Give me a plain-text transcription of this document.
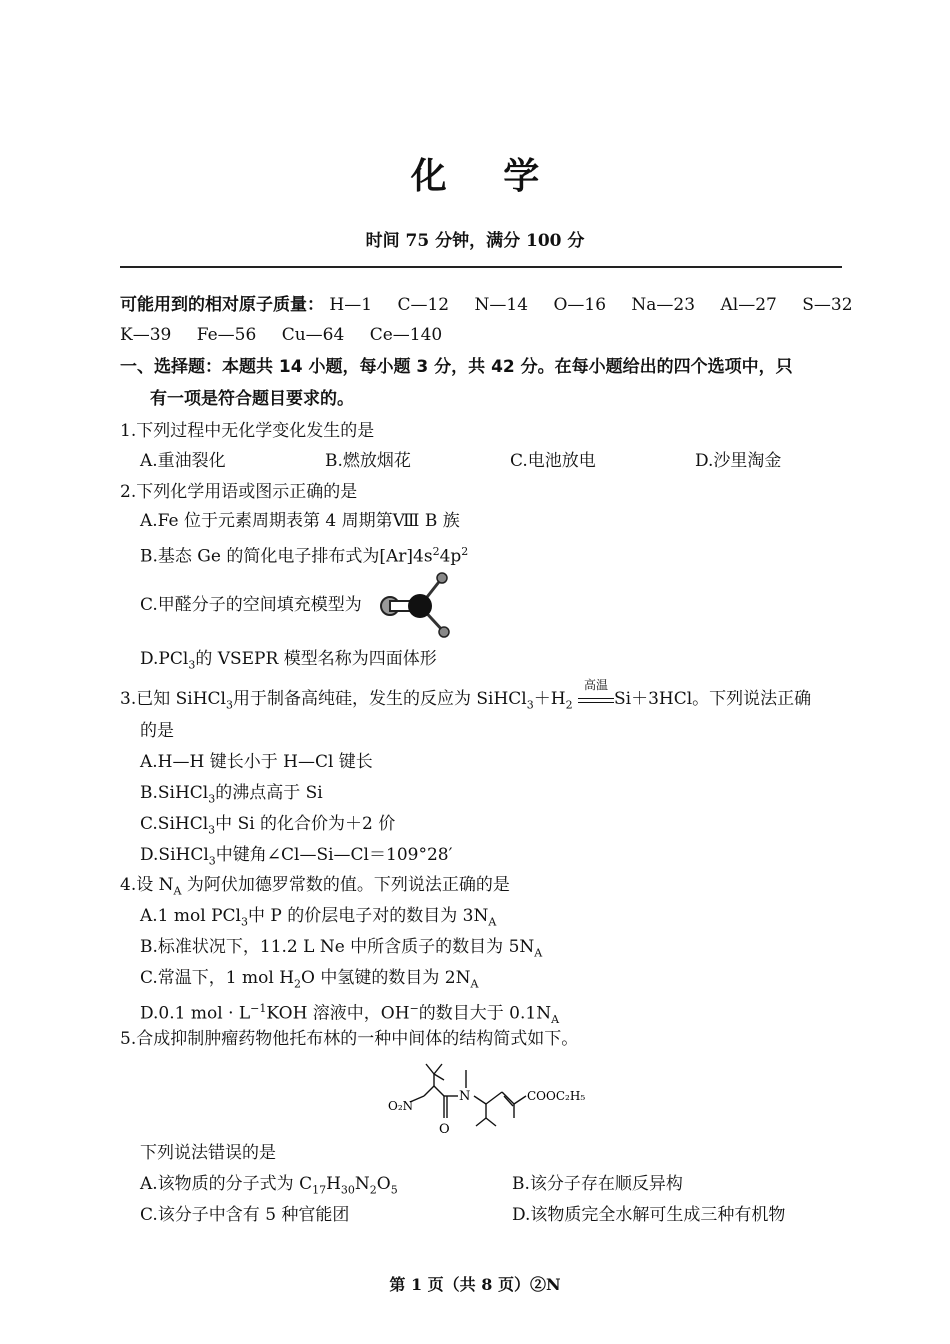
化 学
时间 75 分钟，满分 100 分
可能用到的相对原子质量： H—1 C—12 N—14 O—16 Na—23 Al—27 S—32
K—39 Fe—56 Cu—64 Ce—140
一、选择题：本题共 14 小题，每小题 3 分，共 42 分。在每小题给出的四个选项中，只
有一项是符合题目要求的。
1.下列过程中无化学变化发生的是
A.重油裂化	B.燃放烟花	C.电池放电	D.沙里淘金
2.下列化学用语或图示正确的是
A.Fe 位于元素周期表第 4 周期第Ⅷ B 族
B.基态 Ge 的简化电子排布式为$[Ar]4s^24p^2$
C.甲醛分子的空间填充模型为
D.PCl$_3$的 VSEPR 模型名称为四面体形
3.已知 SiHCl$_3$用于制备高纯硅，发生的反应为 $SiHCl_3+H_2$
高温
Si＋3HCl。下列说法正确
的是
A.H—H 键长小于 H—Cl 键长
B.SiHCl$_3$的沸点高于 Si
C.SiHCl$_3$中 Si 的化合价为＋2 价
D.SiHCl$_3$中键角∠Cl—Si—Cl＝109°28′
4.设 $N_A$ 为阿伏加德罗常数的值。下列说法正确的是
A.1 mol PCl$_3$中 P 的价层电子对的数目为 $3N_A$
B.标准状况下，11.2 L Ne 中所含质子的数目为 $5N_A$
C.常温下，1 mol $H_2O$ 中氢键的数目为 $2N_A$
D.0.1 mol · $L^{-1}KOH$ 溶液中，OH−的数目大于 $0.1N_A$
5.合成抑制肿瘤药物他托布林的一种中间体的结构简式如下。
O₂N
N
O
COOC₂H₅
下列说法错误的是
A.该物质的分子式为 $C_{17}H_{30}N_2O_5$	B.该分子存在顺反异构
C.该分子中含有 5 种官能团	D.该物质完全水解可生成三种有机物
第 1 页（共 8 页）②N
